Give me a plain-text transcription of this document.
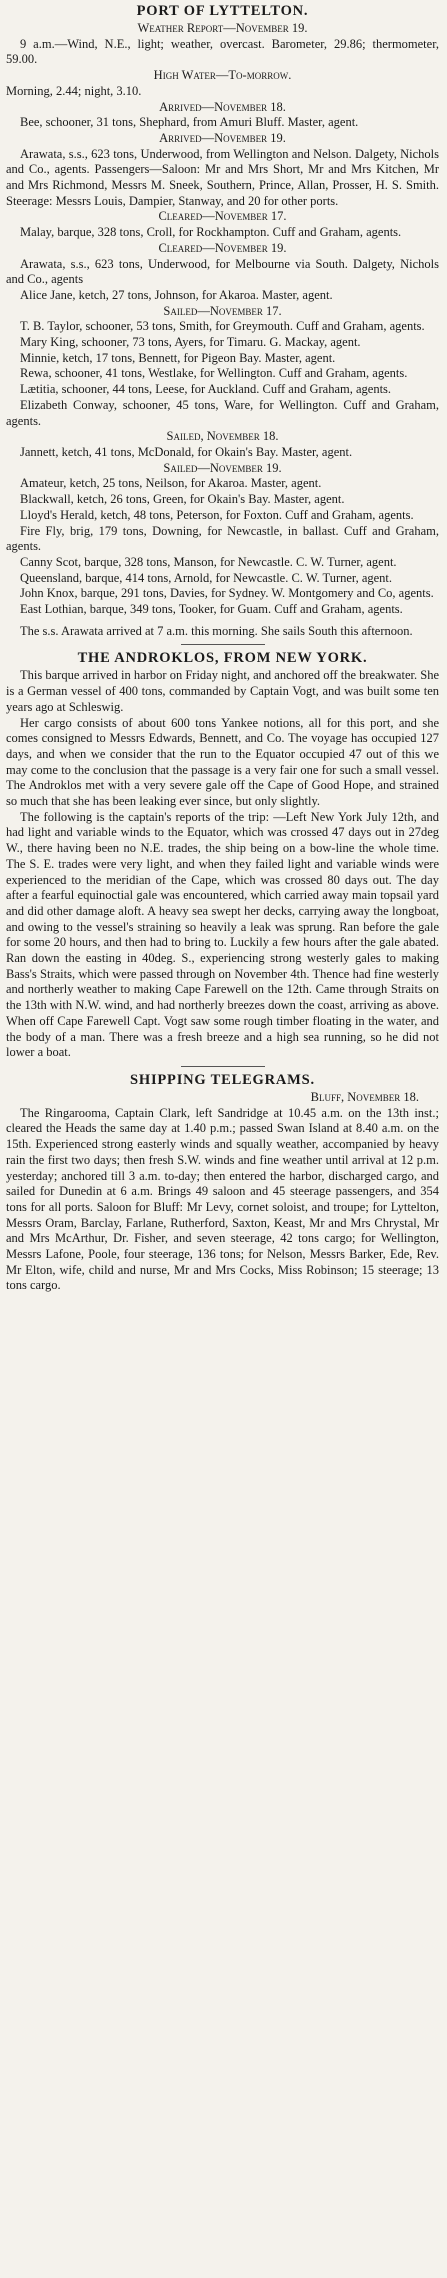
PORT OF LYTTELTON.

Weather Report—November 19.

9 a.m.—Wind, N.E., light; weather, overcast. Barometer, 29.86; thermometer, 59.00.

High Water—To-morrow.

Morning, 2.44; night, 3.10.

Arrived—November 18.

Bee, schooner, 31 tons, Shephard, from Amuri Bluff. Master, agent.

Arrived—November 19.

Arawata, s.s., 623 tons, Underwood, from Wellington and Nelson. Dalgety, Nichols and Co., agents. Passengers—Saloon: Mr and Mrs Short, Mr and Mrs Kitchen, Mr and Mrs Richmond, Messrs M. Sneek, Southern, Prince, Allan, Prosser, H. S. Smith. Steerage: Messrs Louis, Dampier, Stanway, and 20 for other ports.

Cleared—November 17.

Malay, barque, 328 tons, Croll, for Rockhampton. Cuff and Graham, agents.

Cleared—November 19.

Arawata, s.s., 623 tons, Underwood, for Melbourne via South. Dalgety, Nichols and Co., agents

Alice Jane, ketch, 27 tons, Johnson, for Akaroa. Master, agent.

Sailed—November 17.

T. B. Taylor, schooner, 53 tons, Smith, for Greymouth. Cuff and Graham, agents.

Mary King, schooner, 73 tons, Ayers, for Timaru. G. Mackay, agent.

Minnie, ketch, 17 tons, Bennett, for Pigeon Bay. Master, agent.

Rewa, schooner, 41 tons, Westlake, for Wellington. Cuff and Graham, agents.

Lætitia, schooner, 44 tons, Leese, for Auckland. Cuff and Graham, agents.

Elizabeth Conway, schooner, 45 tons, Ware, for Wellington. Cuff and Graham, agents.

Sailed, November 18.

Jannett, ketch, 41 tons, McDonald, for Okain's Bay. Master, agent.

Sailed—November 19.

Amateur, ketch, 25 tons, Neilson, for Akaroa. Master, agent.

Blackwall, ketch, 26 tons, Green, for Okain's Bay. Master, agent.

Lloyd's Herald, ketch, 48 tons, Peterson, for Foxton. Cuff and Graham, agents.

Fire Fly, brig, 179 tons, Downing, for Newcastle, in ballast. Cuff and Graham, agents.

Canny Scot, barque, 328 tons, Manson, for Newcastle. C. W. Turner, agent.

Queensland, barque, 414 tons, Arnold, for Newcastle. C. W. Turner, agent.

John Knox, barque, 291 tons, Davies, for Sydney. W. Montgomery and Co, agents.

East Lothian, barque, 349 tons, Tooker, for Guam. Cuff and Graham, agents.

The s.s. Arawata arrived at 7 a.m. this morning. She sails South this afternoon.

THE ANDROKLOS, FROM NEW YORK.

This barque arrived in harbor on Friday night, and anchored off the breakwater. She is a German vessel of 400 tons, commanded by Captain Vogt, and was built some ten years ago at Schleswig.

Her cargo consists of about 600 tons Yankee notions, all for this port, and she comes consigned to Messrs Edwards, Bennett, and Co. The voyage has occupied 127 days, and when we consider that the run to the Equator occupied 47 out of this we may come to the conclusion that the passage is a very fair one for such a small vessel. The Androklos met with a very severe gale off the Cape of Good Hope, and strained so much that she has been leaking ever since, but only slightly.

The following is the captain's reports of the trip: —Left New York July 12th, and had light and variable winds to the Equator, which was crossed 47 days out in 27deg W., there having been no N.E. trades, the ship being on a bow-line the whole time. The S. E. trades were very light, and when they failed light and variable winds were experienced to the meridian of the Cape, which was crossed 80 days out. The day after a fearful equinoctial gale was encountered, which carried away main topsail yard and did other damage aloft. A heavy sea swept her decks, carrying away the longboat, and owing to the vessel's straining so heavily a leak was sprung. Ran before the gale for some 20 hours, and then had to bring to. Luckily a few hours after the gale abated. Ran down the easting in 40deg. S., experiencing strong westerly gales to making Bass's Straits, which were passed through on November 4th. Thence had fine westerly and northerly weather to making Cape Farewell on the 12th. Came through Straits on the 13th with N.W. wind, and had northerly breezes down the coast, arriving as above. When off Cape Farewell Capt. Vogt saw some rough timber floating in the water, and the body of a man. There was a fresh breeze and a high sea running, so he did not lower a boat.

SHIPPING TELEGRAMS.

Bluff, November 18.

The Ringarooma, Captain Clark, left Sandridge at 10.45 a.m. on the 13th inst.; cleared the Heads the same day at 1.40 p.m.; passed Swan Island at 8.40 a.m. on the 15th. Experienced strong easterly winds and squally weather, accompanied by heavy rain the first two days; then fresh S.W. winds and fine weather until arrival at 12 p.m. yesterday; anchored till 3 a.m. to-day; then entered the harbor, discharged cargo, and sailed for Dunedin at 6 a.m. Brings 49 saloon and 45 steerage passengers, and 354 tons for all ports. Saloon for Bluff: Mr Levy, cornet soloist, and troupe; for Lyttelton, Messrs Oram, Barclay, Farlane, Rutherford, Saxton, Keast, Mr and Mrs Chrystal, Mr and Mrs McArthur, Dr. Fisher, and seven steerage, 42 tons cargo; for Wellington, Messrs Lafone, Poole, four steerage, 136 tons; for Nelson, Messrs Barker, Ede, Rev. Mr Elton, wife, child and nurse, Mr and Mrs Cocks, Miss Robinson; 15 steerage; 13 tons cargo.
